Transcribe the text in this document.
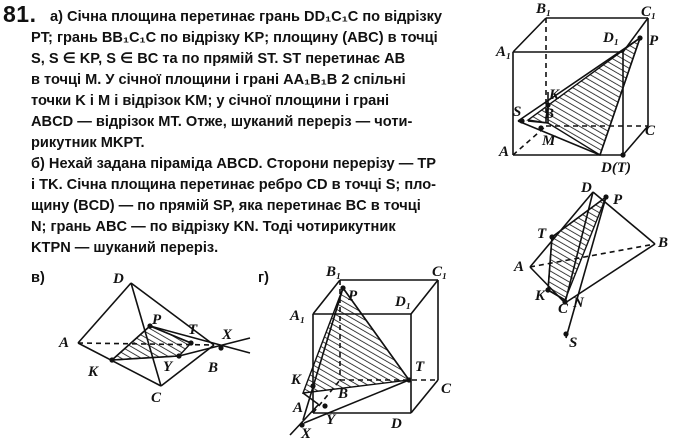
81. а) Січна площина перетинає грань DD₁C₁C по відрізку
PT; грань BB₁C₁C по відрізку KP; площину (ABC) в точці
S, S ∈ KP, S ∈ BC та по прямій ST. ST перетинає AB
в точці M. У січної площини і грані AA₁B₁B 2 спільні
точки K і M і відрізок KM; у січної площини і грані
ABCD — відрізок MT. Отже, шуканий переріз — чоти-
рикутник MKPT.
б) Нехай задана піраміда ABCD. Сторони перерізу — TP
і TK. Січна площина перетинає ребро CD в точці S; пло-
щину (BCD) — по прямій SP, яка перетинає BC в точці
N; грань ABC — по відрізку KN. Тоді чотирикутник
KTPN — шуканий переріз.
в)	г)
B₁	C₁
A₁
D₁ P
K
S B
M
A
C
D(T)
D
P
T
B
A
K N
C
S
D
A
P
T X
K	Y B
C
B₁	C₁
A₁
D₁
P
T
K
A
Y
B	C
D
X
